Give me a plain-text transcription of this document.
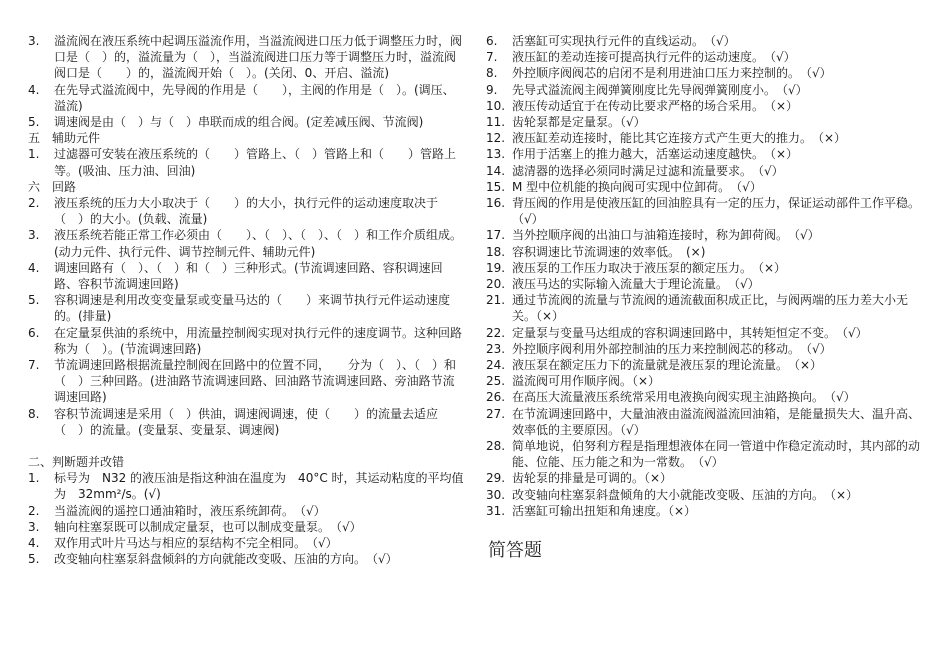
3.	溢流阀在液压系统中起调压溢流作用，当溢流阀进口压力低于调整压力时，阀口是（　）的，溢流量为（　），当溢流阀进口压力等于调整压力时，溢流阀阀口是（　　）的，溢流阀开始（　）。(关闭、0、开启、溢流)
4.	在先导式溢流阀中，先导阀的作用是（　　），主阀的作用是（　）。(调压、溢流)
5.	调速阀是由（　）与（　）串联而成的组合阀。(定差减压阀、节流阀)
五　辅助元件
1.	过滤器可安装在液压系统的（　　）管路上、（　）管路上和（　　）管路上等。(吸油、压力油、回油)
六　回路
2.	液压系统的压力大小取决于（　　）的大小，执行元件的运动速度取决于（　）的大小。(负载、流量)
3.	液压系统若能正常工作必须由（　　）、（　）、（　）、（　）和工作介质组成。(动力元件、执行元件、调节控制元件、辅助元件)
4.	调速回路有（　）、（　）和（　）三种形式。(节流调速回路、容积调速回路、容积节流调速回路)
5.	容积调速是利用改变变量泵或变量马达的（　　）来调节执行元件运动速度的。(排量)
6.	在定量泵供油的系统中，用流量控制阀实现对执行元件的速度调节。这种回路称为（　）。(节流调速回路)
7.	节流调速回路根据流量控制阀在回路中的位置不同，　　分为（　）、（　）和（　）三种回路。(进油路节流调速回路、回油路节流调速回路、旁油路节流调速回路)
8.	容积节流调速是采用（　）供油，调速阀调速，使（　　）的流量去适应（　）的流量。(变量泵、变量泵、调速阀)
二、判断题并改错
1.	标号为　N32 的液压油是指这种油在温度为　40°C 时，其运动粘度的平均值为　32mm²/s。(√)
2.	当溢流阀的遥控口通油箱时，液压系统卸荷。　（√）
3.	轴向柱塞泵既可以制成定量泵，也可以制成变量泵。　（√）
4.	双作用式叶片马达与相应的泵结构不完全相同。　（√）
5.	改变轴向柱塞泵斜盘倾斜的方向就能改变吸、压油的方向。　（√）
6.	活塞缸可实现执行元件的直线运动。　（√）
7.	液压缸的差动连接可提高执行元件的运动速度。　（√）
8.	外控顺序阀阀芯的启闭不是利用进油口压力来控制的。　（√）
9.	先导式溢流阀主阀弹簧刚度比先导阀弹簧刚度小。　（√）
10. 液压传动适宜于在传动比要求严格的场合采用。　（×）
11. 齿轮泵都是定量泵。（√）
12. 液压缸差动连接时，能比其它连接方式产生更大的推力。　（×）
13. 作用于活塞上的推力越大，活塞运动速度越快。　（×）
14. 滤清器的选择必须同时满足过滤和流量要求。　（√）
15. M 型中位机能的换向阀可实现中位卸荷。　（√）
16. 背压阀的作用是使液压缸的回油腔具有一定的压力，保证运动部件工作平稳。（√）
17. 当外控顺序阀的出油口与油箱连接时，称为卸荷阀。　（√）
18. 容积调速比节流调速的效率低。　(×)
19. 液压泵的工作压力取决于液压泵的额定压力。　（×）
20. 液压马达的实际输入流量大于理论流量。　（√）
21. 通过节流阀的流量与节流阀的通流截面积成正比，与阀两端的压力差大小无关。（×）
22. 定量泵与变量马达组成的容积调速回路中，其转矩恒定不变。　（√）
23. 外控顺序阀利用外部控制油的压力来控制阀芯的移动。　（√）
24. 液压泵在额定压力下的流量就是液压泵的理论流量。　（×）
25. 溢流阀可用作顺序阀。（×）
26. 在高压大流量液压系统常采用电液换向阀实现主油路换向。　（√）
27. 在节流调速回路中，大量油液由溢流阀溢流回油箱，是能量损失大、温升高、效率低的主要原因。（√）
28. 简单地说，伯努利方程是指理想液体在同一管道中作稳定流动时，其内部的动能、位能、压力能之和为一常数。　（√）
29. 齿轮泵的排量是可调的。（×）
30. 改变轴向柱塞泵斜盘倾角的大小就能改变吸、压油的方向。　（×）
31. 活塞缸可输出扭矩和角速度。（×）
简答题
